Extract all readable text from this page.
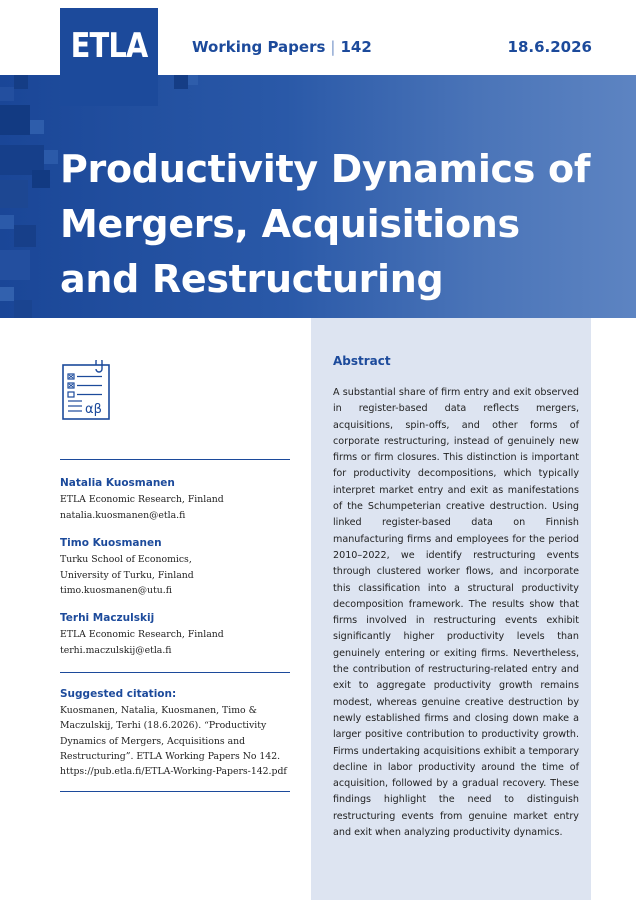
ETLA	Working Papers | 142	18.6.2026
Productivity Dynamics of Mergers, Acquisitions and Restructuring
Abstract

A substantial share of firm entry and exit observed in register-based data reflects mergers, acquisitions, spin-offs, and other forms of corporate restructuring, instead of genuinely new firms or firm closures. This distinction is important for productivity decompositions, which typically interpret market entry and exit as manifestations of the Schumpeterian creative destruction. Using linked register-based data on Finnish manufacturing firms and employees for the period 2010–2022, we identify restructuring events through clustered worker flows, and incorporate this classification into a structural productivity decomposition framework. The results show that firms involved in restructuring events exhibit significantly higher productivity levels than genuinely entering or exiting firms. Nevertheless, the contribution of restructuring-related entry and exit to aggregate productivity growth remains modest, whereas genuine creative destruction by newly established firms and closing down make a larger positive contribution to productivity growth. Firms undertaking acquisitions exhibit a temporary decline in labor productivity around the time of acquisition, followed by a gradual recovery. These findings highlight the need to distinguish restructuring events from genuine market entry and exit when analyzing productivity dynamics.

αβ

Natalia Kuosmanen

ETLA Economic Research, Finland

natalia.kuosmanen@etla.fi

Timo Kuosmanen

Turku School of Economics,

University of Turku, Finland

timo.kuosmanen@utu.fi

Terhi Maczulskij

ETLA Economic Research, Finland

terhi.maczulskij@etla.fi

Suggested citation:

Kuosmanen, Natalia, Kuosmanen, Timo & Maczulskij, Terhi (18.6.2026). “Productivity Dynamics of Mergers, Acquisitions and Restructuring”. ETLA Working Papers No 142. https://pub.etla.fi/ETLA-Working-Papers-142.pdf
